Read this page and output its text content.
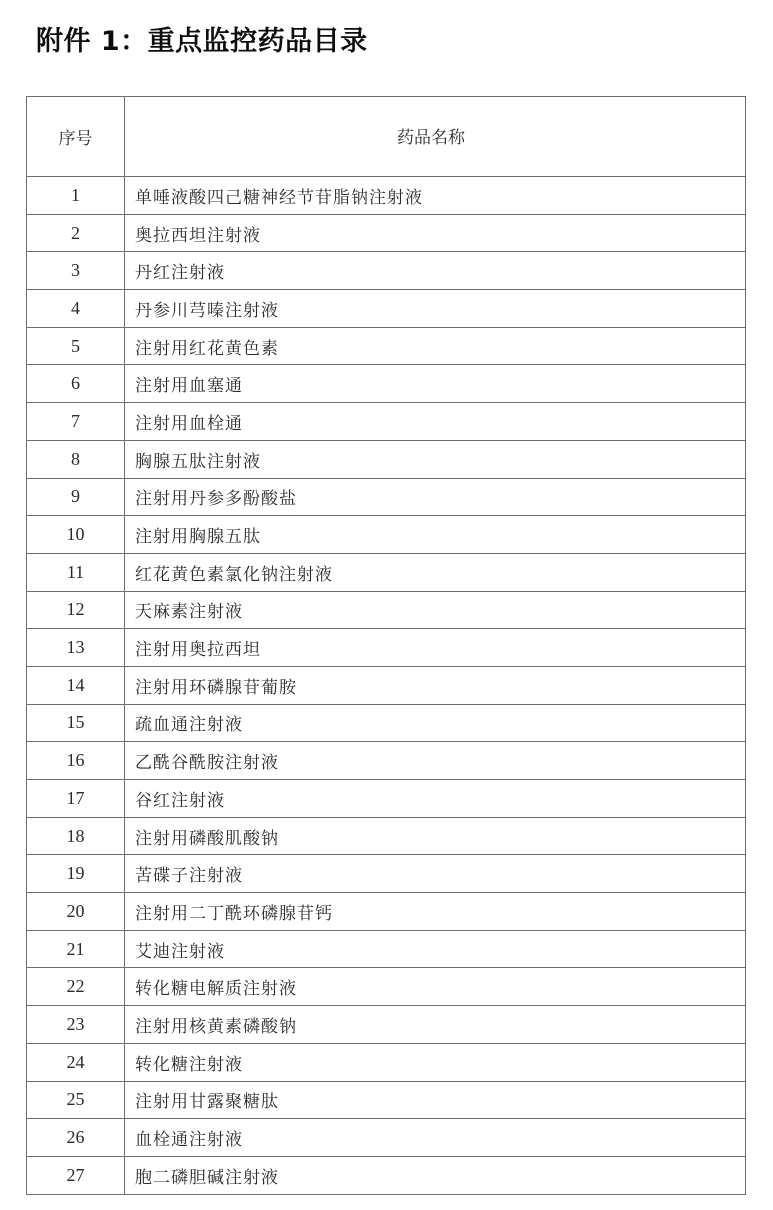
附件 1：重点监控药品目录
序号	药品名称
1	单唾液酸四己糖神经节苷脂钠注射液
2	奥拉西坦注射液
3	丹红注射液
4	丹参川芎嗪注射液
5	注射用红花黄色素
6	注射用血塞通
7	注射用血栓通
8	胸腺五肽注射液
9	注射用丹参多酚酸盐
10	注射用胸腺五肽
11	红花黄色素氯化钠注射液
12	天麻素注射液
13	注射用奥拉西坦
14	注射用环磷腺苷葡胺
15	疏血通注射液
16	乙酰谷酰胺注射液
17	谷红注射液
18	注射用磷酸肌酸钠
19	苦碟子注射液
20	注射用二丁酰环磷腺苷钙
21	艾迪注射液
22	转化糖电解质注射液
23	注射用核黄素磷酸钠
24	转化糖注射液
25	注射用甘露聚糖肽
26	血栓通注射液
27	胞二磷胆碱注射液
